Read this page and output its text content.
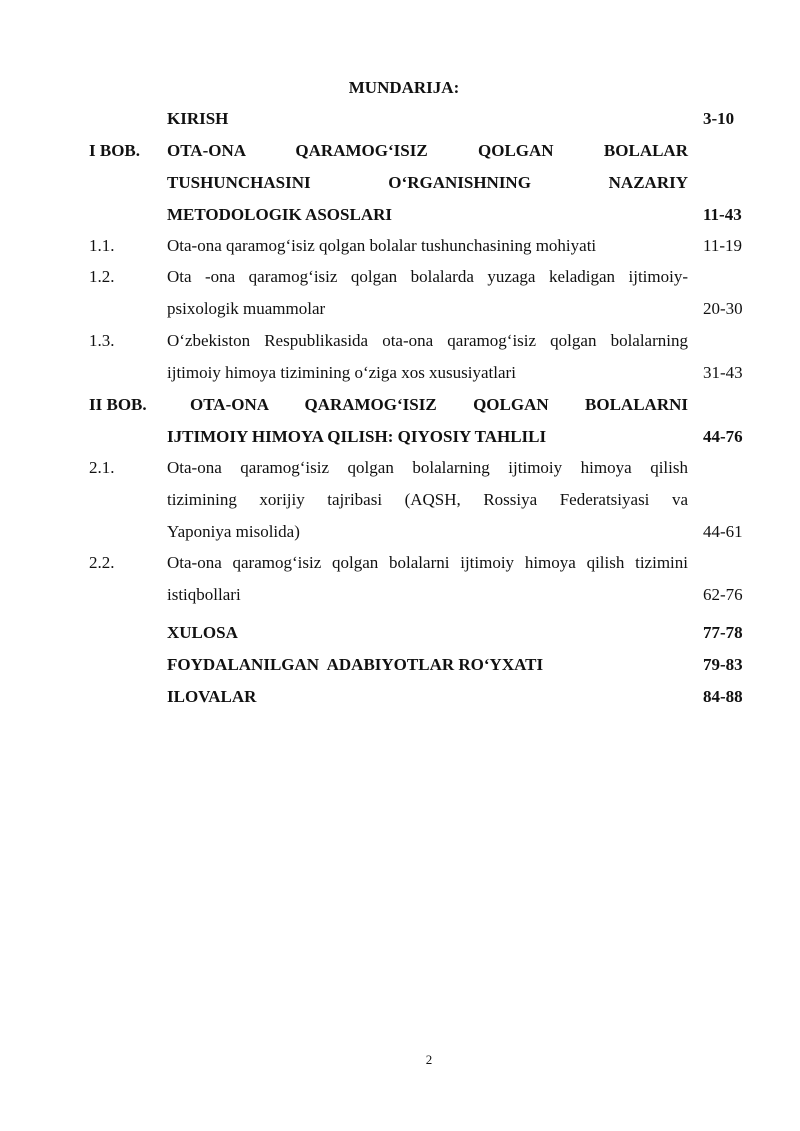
MUNDARIJA:
KIRISH	3-10
I BOB. OTA-ONA QARAMOG‘ISIZ QOLGAN BOLALAR
TUSHUNCHASINI O‘RGANISHNING NAZARIY
METODOLOGIK ASOSLARI	11-43
1.1.	Ota-ona qaramog‘isiz qolgan bolalar tushunchasining mohiyati	11-19
1.2.	Ota -ona qaramog‘isiz qolgan bolalarda yuzaga keladigan ijtimoiy-
psixologik muammolar	20-30
1.3.	O‘zbekiston Respublikasida ota-ona qaramog‘isiz qolgan bolalarning
ijtimoiy himoya tizimining o‘ziga xos xususiyatlari	31-43
II BOB.	OTA-ONA QARAMOG‘ISIZ QOLGAN BOLALARNI
IJTIMOIY HIMOYA QILISH: QIYOSIY TAHLILI	44-76
2.1.	Ota-ona qaramog‘isiz qolgan bolalarning ijtimoiy himoya qilish
tizimining xorijiy tajribasi (AQSH, Rossiya Federatsiyasi va
Yaponiya misolida)	44-61
2.2.	Ota-ona qaramog‘isiz qolgan bolalarni ijtimoiy himoya qilish tizimini
istiqbollari	62-76
XULOSA	77-78
FOYDALANILGAN  ADABIYOTLAR RO‘YXATI	79-83
ILOVALAR	84-88
2
